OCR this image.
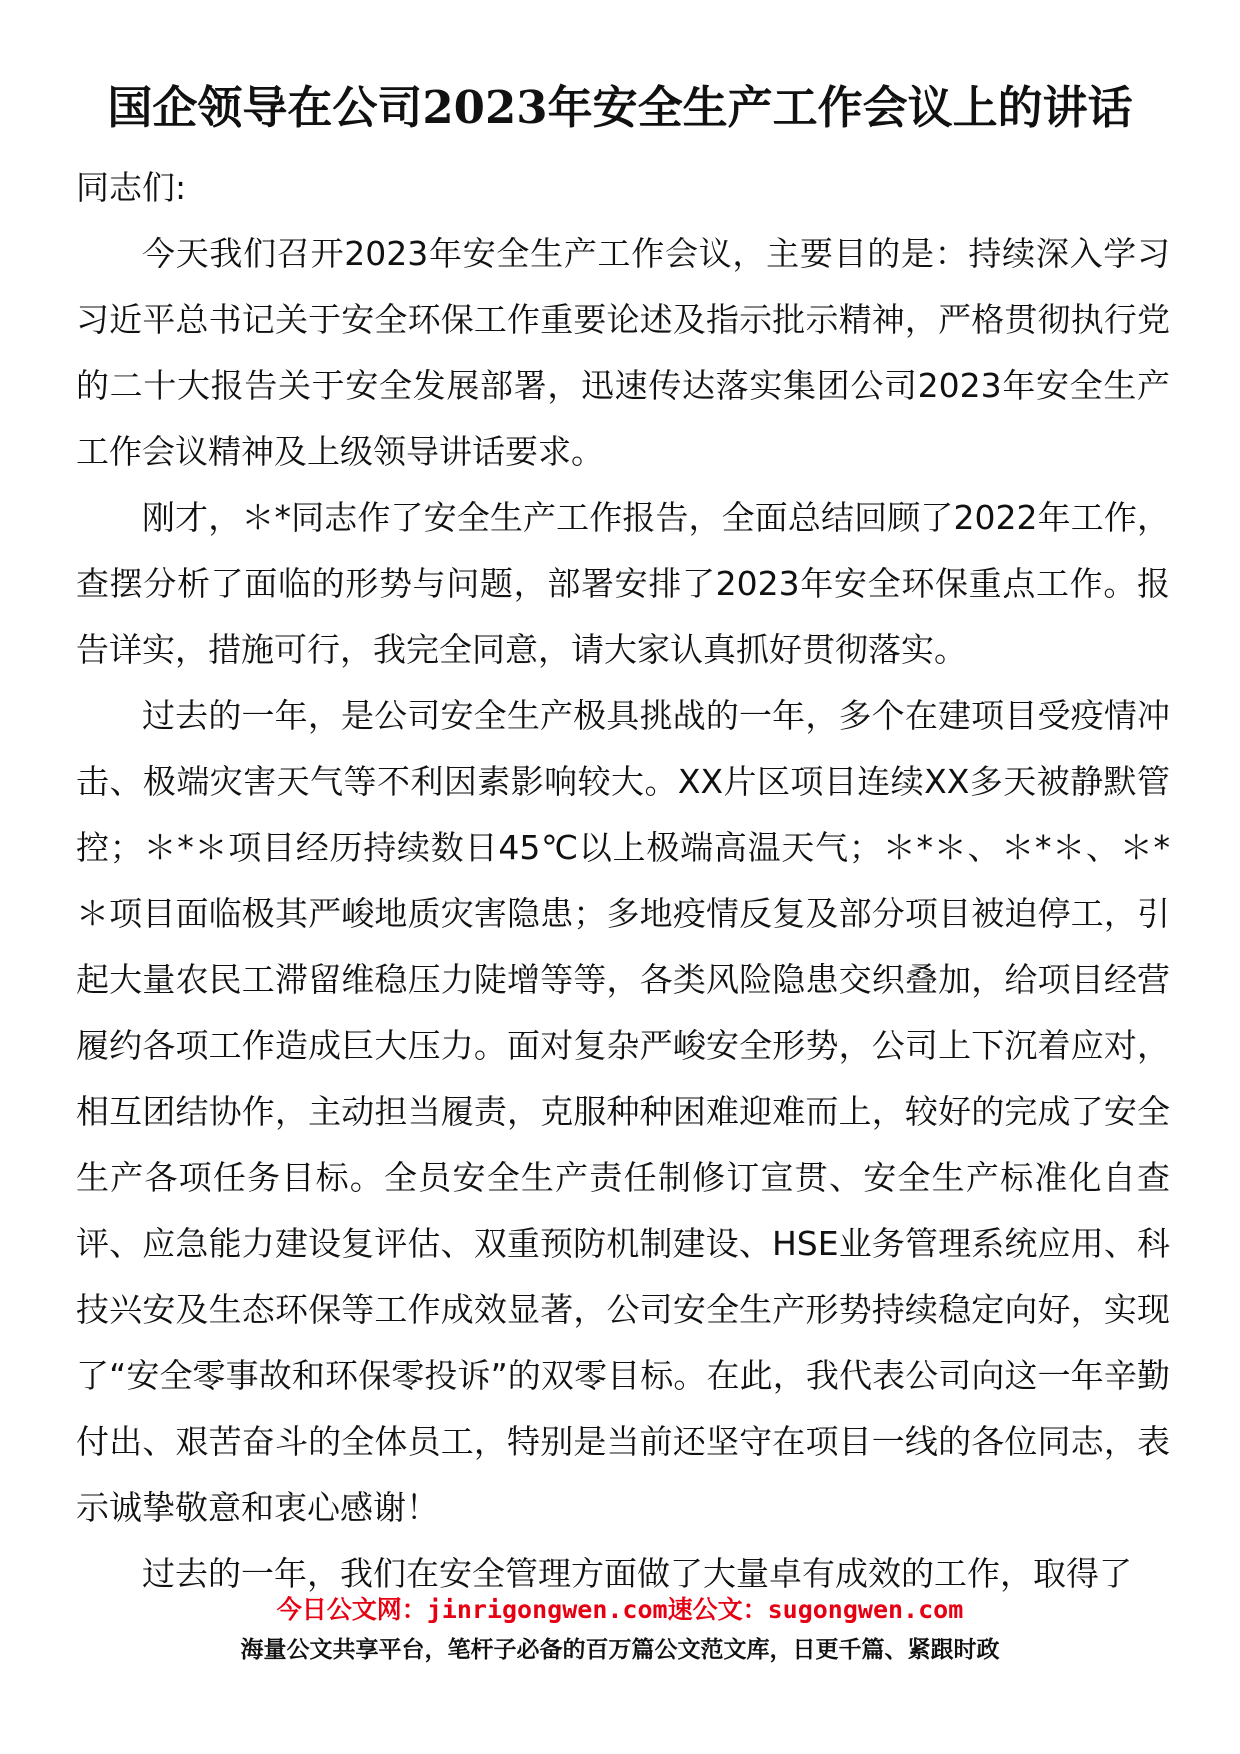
国企领导在公司2023年安全生产工作会议上的讲话

同志们:

今天我们召开2023年安全生产工作会议，主要目的是：持续深入学习习近平总书记关于安全环保工作重要论述及指示批示精神，严格贯彻执行党的二十大报告关于安全发展部署，迅速传达落实集团公司2023年安全生产工作会议精神及上级领导讲话要求。

刚才，＊*同志作了安全生产工作报告，全面总结回顾了2022年工作，查摆分析了面临的形势与问题，部署安排了2023年安全环保重点工作。报告详实，措施可行，我完全同意，请大家认真抓好贯彻落实。

过去的一年，是公司安全生产极具挑战的一年，多个在建项目受疫情冲击、极端灾害天气等不利因素影响较大。XX片区项目连续XX多天被静默管控；＊*＊项目经历持续数日45℃以上极端高温天气；＊*＊、＊*＊、＊*＊项目面临极其严峻地质灾害隐患；多地疫情反复及部分项目被迫停工，引起大量农民工滞留维稳压力陡增等等，各类风险隐患交织叠加，给项目经营履约各项工作造成巨大压力。面对复杂严峻安全形势，公司上下沉着应对，相互团结协作，主动担当履责，克服种种困难迎难而上，较好的完成了安全生产各项任务目标。全员安全生产责任制修订宣贯、安全生产标准化自查评、应急能力建设复评估、双重预防机制建设、HSE业务管理系统应用、科技兴安及生态环保等工作成效显著，公司安全生产形势持续稳定向好，实现了“安全零事故和环保零投诉”的双零目标。在此，我代表公司向这一年辛勤付出、艰苦奋斗的全体员工，特别是当前还坚守在项目一线的各位同志，表示诚挚敬意和衷心感谢！

过去的一年，我们在安全管理方面做了大量卓有成效的工作，取得了

今日公文网：jinrigongwen.com速公文：sugongwen.com
海量公文共享平台，笔杆子必备的百万篇公文范文库，日更千篇、紧跟时政
